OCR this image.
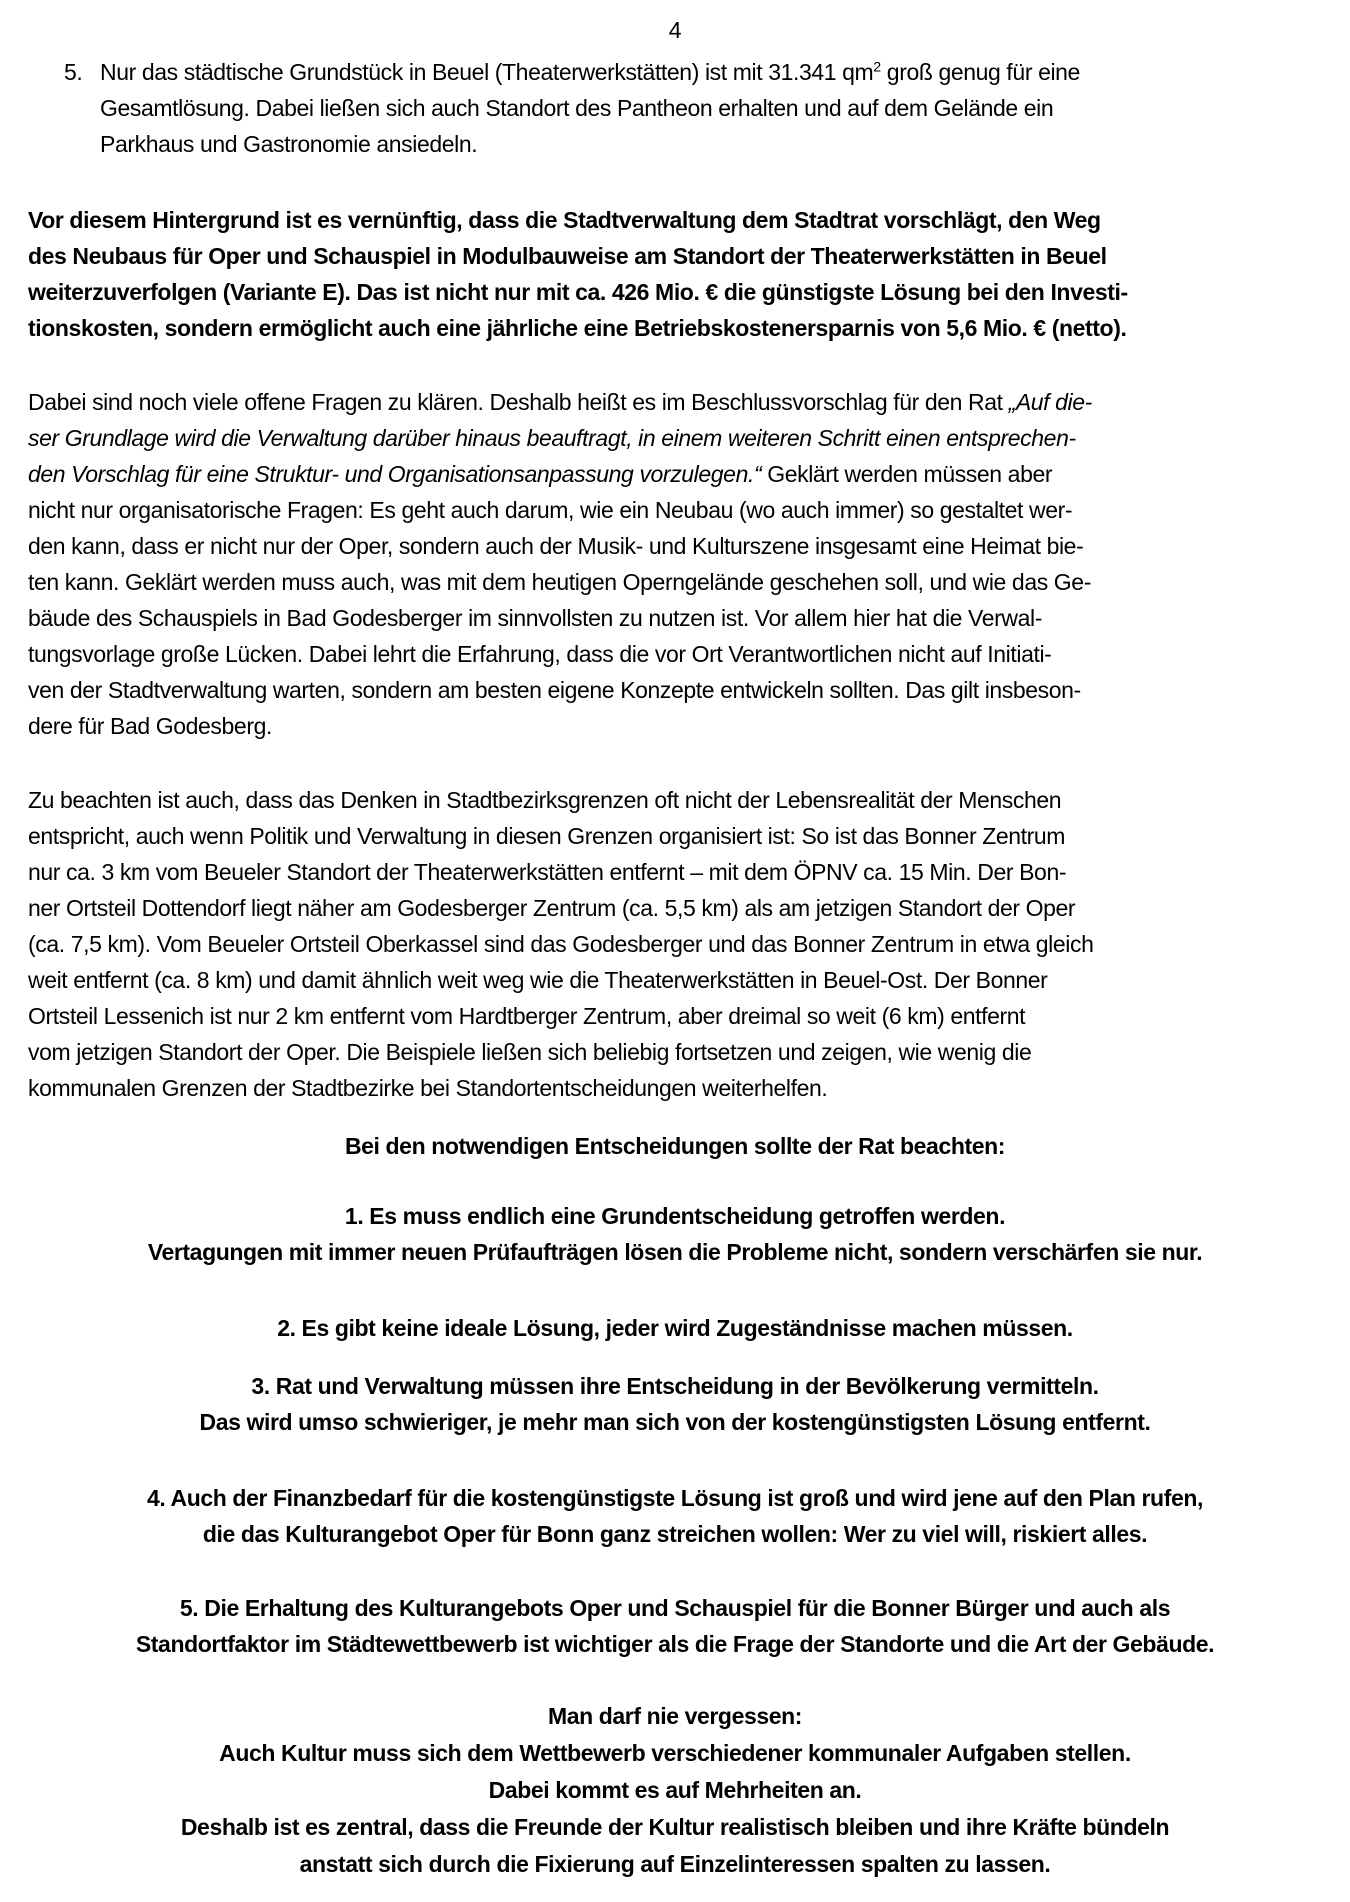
4
5. Nur das städtische Grundstück in Beuel (Theaterwerkstätten) ist mit 31.341 $qm^2$ groß genug für eine
Gesamtlösung. Dabei ließen sich auch Standort des Pantheon erhalten und auf dem Gelände ein
Parkhaus und Gastronomie ansiedeln.
Vor diesem Hintergrund ist es vernünftig, dass die Stadtverwaltung dem Stadtrat vorschlägt, den Weg
des Neubaus für Oper und Schauspiel in Modulbauweise am Standort der Theaterwerkstätten in Beuel
weiterzuverfolgen (Variante E). Das ist nicht nur mit ca. 426 Mio. € die günstigste Lösung bei den Investi-
tionskosten, sondern ermöglicht auch eine jährliche eine Betriebskostenersparnis von 5,6 Mio. € (netto).
Dabei sind noch viele offene Fragen zu klären. Deshalb heißt es im Beschlussvorschlag für den Rat „Auf die-
ser Grundlage wird die Verwaltung darüber hinaus beauftragt, in einem weiteren Schritt einen entsprechen-
den Vorschlag für eine Struktur- und Organisationsanpassung vorzulegen.“ Geklärt werden müssen aber
nicht nur organisatorische Fragen: Es geht auch darum, wie ein Neubau (wo auch immer) so gestaltet wer-
den kann, dass er nicht nur der Oper, sondern auch der Musik- und Kulturszene insgesamt eine Heimat bie-
ten kann. Geklärt werden muss auch, was mit dem heutigen Operngelände geschehen soll, und wie das Ge-
bäude des Schauspiels in Bad Godesberger im sinnvollsten zu nutzen ist. Vor allem hier hat die Verwal-
tungsvorlage große Lücken. Dabei lehrt die Erfahrung, dass die vor Ort Verantwortlichen nicht auf Initiati-
ven der Stadtverwaltung warten, sondern am besten eigene Konzepte entwickeln sollten. Das gilt insbeson-
dere für Bad Godesberg.
Zu beachten ist auch, dass das Denken in Stadtbezirksgrenzen oft nicht der Lebensrealität der Menschen
entspricht, auch wenn Politik und Verwaltung in diesen Grenzen organisiert ist: So ist das Bonner Zentrum
nur ca. 3 km vom Beueler Standort der Theaterwerkstätten entfernt – mit dem ÖPNV ca. 15 Min. Der Bon-
ner Ortsteil Dottendorf liegt näher am Godesberger Zentrum (ca. 5,5 km) als am jetzigen Standort der Oper
(ca. 7,5 km). Vom Beueler Ortsteil Oberkassel sind das Godesberger und das Bonner Zentrum in etwa gleich
weit entfernt (ca. 8 km) und damit ähnlich weit weg wie die Theaterwerkstätten in Beuel-Ost. Der Bonner
Ortsteil Lessenich ist nur 2 km entfernt vom Hardtberger Zentrum, aber dreimal so weit (6 km) entfernt
vom jetzigen Standort der Oper. Die Beispiele ließen sich beliebig fortsetzen und zeigen, wie wenig die
kommunalen Grenzen der Stadtbezirke bei Standortentscheidungen weiterhelfen.
Bei den notwendigen Entscheidungen sollte der Rat beachten:
1. Es muss endlich eine Grundentscheidung getroffen werden.
Vertagungen mit immer neuen Prüfaufträgen lösen die Probleme nicht, sondern verschärfen sie nur.
2. Es gibt keine ideale Lösung, jeder wird Zugeständnisse machen müssen.
3. Rat und Verwaltung müssen ihre Entscheidung in der Bevölkerung vermitteln.
Das wird umso schwieriger, je mehr man sich von der kostengünstigsten Lösung entfernt.
4. Auch der Finanzbedarf für die kostengünstigste Lösung ist groß und wird jene auf den Plan rufen,
die das Kulturangebot Oper für Bonn ganz streichen wollen: Wer zu viel will, riskiert alles.
5. Die Erhaltung des Kulturangebots Oper und Schauspiel für die Bonner Bürger und auch als
Standortfaktor im Städtewettbewerb ist wichtiger als die Frage der Standorte und die Art der Gebäude.
Man darf nie vergessen:
Auch Kultur muss sich dem Wettbewerb verschiedener kommunaler Aufgaben stellen.
Dabei kommt es auf Mehrheiten an.
Deshalb ist es zentral, dass die Freunde der Kultur realistisch bleiben und ihre Kräfte bündeln
anstatt sich durch die Fixierung auf Einzelinteressen spalten zu lassen.
